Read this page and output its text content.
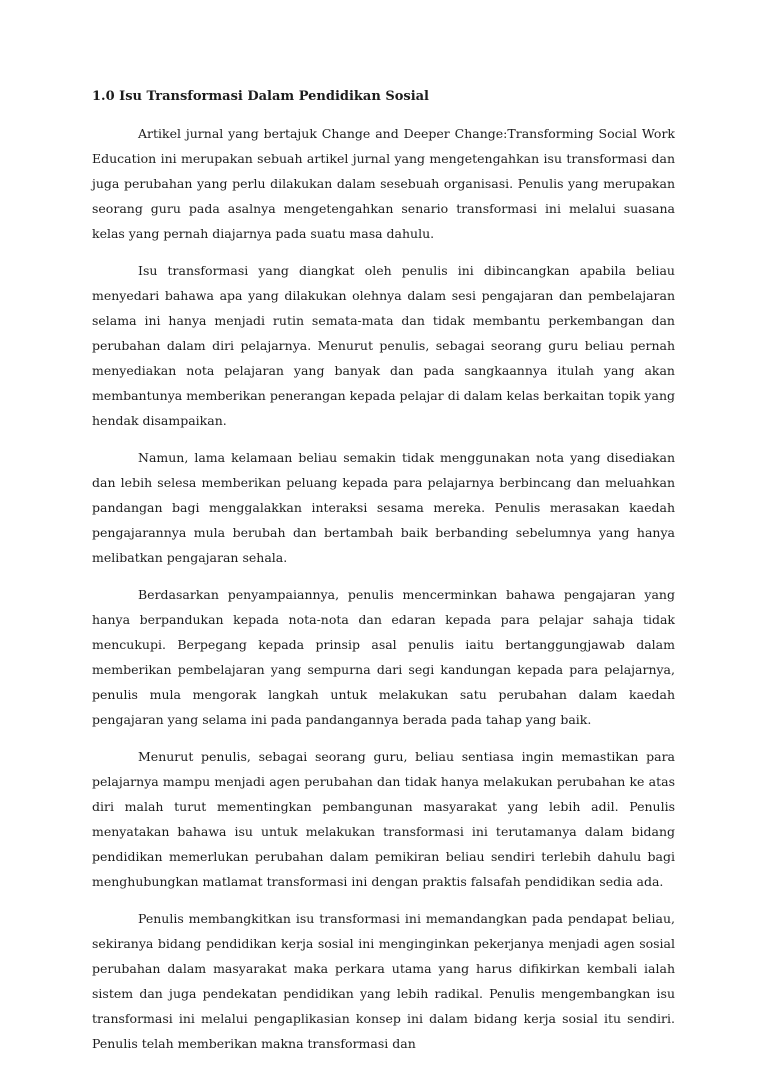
1.0 Isu Transformasi Dalam Pendidikan Sosial

Artikel jurnal yang bertajuk Change and Deeper Change:Transforming Social Work Education ini merupakan sebuah artikel jurnal yang mengetengahkan isu transformasi dan juga perubahan yang perlu dilakukan dalam sesebuah organisasi. Penulis yang merupakan seorang guru pada asalnya mengetengahkan senario transformasi ini melalui suasana kelas yang pernah diajarnya pada suatu masa dahulu.

Isu transformasi yang diangkat oleh penulis ini dibincangkan apabila beliau menyedari bahawa apa yang dilakukan olehnya dalam sesi pengajaran dan pembelajaran selama ini hanya menjadi rutin semata-mata dan tidak membantu perkembangan dan perubahan dalam diri pelajarnya. Menurut penulis, sebagai seorang guru beliau pernah menyediakan nota pelajaran yang banyak dan pada sangkaannya itulah yang akan membantunya memberikan penerangan kepada pelajar di dalam kelas berkaitan topik yang hendak disampaikan.

Namun, lama kelamaan beliau semakin tidak menggunakan nota yang disediakan dan lebih selesa memberikan peluang kepada para pelajarnya berbincang dan meluahkan pandangan bagi menggalakkan interaksi sesama mereka. Penulis merasakan kaedah pengajarannya mula berubah dan bertambah baik berbanding sebelumnya yang hanya melibatkan pengajaran sehala.

Berdasarkan penyampaiannya, penulis mencerminkan bahawa pengajaran yang hanya berpandukan kepada nota-nota dan edaran kepada para pelajar sahaja tidak mencukupi. Berpegang kepada prinsip asal penulis iaitu bertanggungjawab dalam memberikan pembelajaran yang sempurna dari segi kandungan kepada para pelajarnya, penulis mula mengorak langkah untuk melakukan satu perubahan dalam kaedah pengajaran yang selama ini pada pandangannya berada pada tahap yang baik.

Menurut penulis, sebagai seorang guru, beliau sentiasa ingin memastikan para pelajarnya mampu menjadi agen perubahan dan tidak hanya melakukan perubahan ke atas diri malah turut mementingkan pembangunan masyarakat yang lebih adil. Penulis menyatakan bahawa isu untuk melakukan transformasi ini terutamanya dalam bidang pendidikan memerlukan perubahan dalam pemikiran beliau sendiri terlebih dahulu bagi menghubungkan matlamat transformasi ini dengan praktis falsafah pendidikan sedia ada.

Penulis membangkitkan isu transformasi ini memandangkan pada pendapat beliau, sekiranya bidang pendidikan kerja sosial ini menginginkan pekerjanya menjadi agen sosial perubahan dalam masyarakat maka perkara utama yang harus difikirkan kembali ialah sistem dan juga pendekatan pendidikan yang lebih radikal. Penulis mengembangkan isu transformasi ini melalui pengaplikasian konsep ini dalam bidang kerja sosial itu sendiri. Penulis telah memberikan makna transformasi dan
